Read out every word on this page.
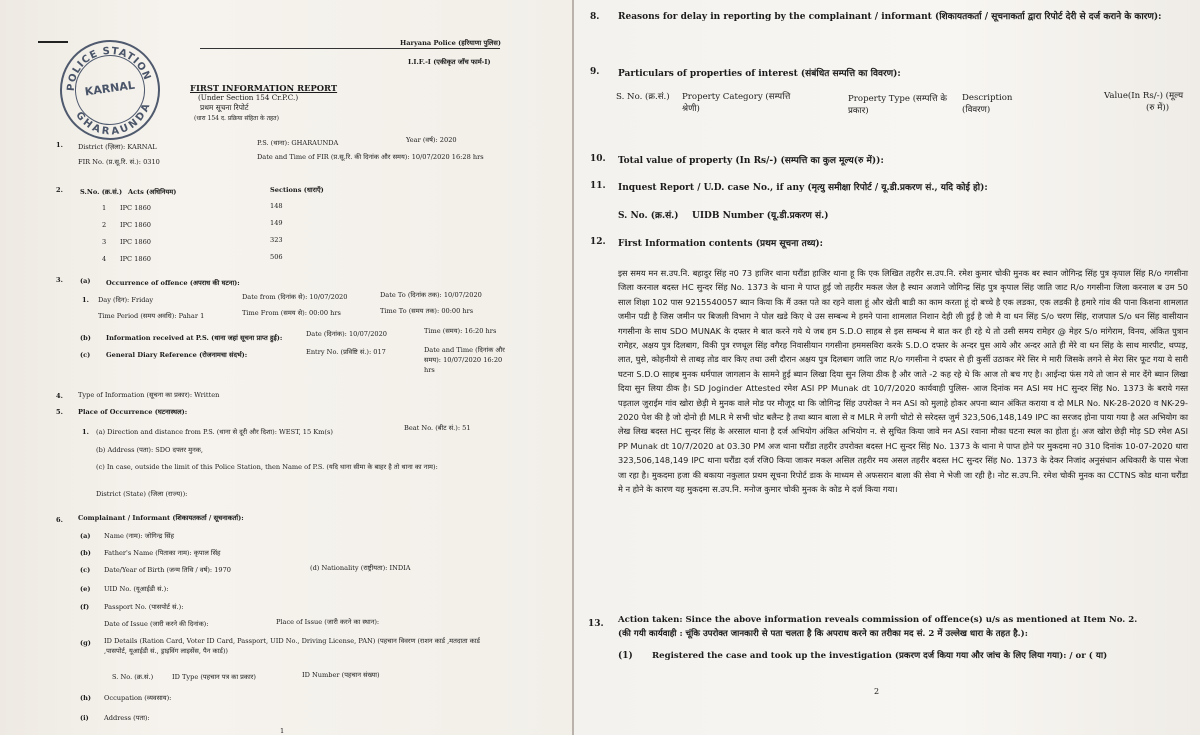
Haryana Police (हरियाणा पुलिस)
I.I.F.-I (एकीकृत जाँच फार्म-I)
POLICE STATION
GHARAUNDA
KARNAL	FIRST INFORMATION REPORT
(Under Section 154 Cr.P.C.)
प्रथम सूचना रिपोर्ट
(धारा 154 द. प्रक्रिया संहिता के तहत)
1. District (ज़िला): KARNAL	P.S. (थाना): GHARAUNDA	Year (वर्ष): 2020
FIR No. (प्र.सू.रि. सं.): 0310
Date and Time of FIR (प्र.सू.रि. की दिनांक और समय): 10/07/2020 16:28 hrs
2.	S.No. (क्र.सं.) Acts (अधिनियम)	Sections (धाराएँ)
1 IPC 1860	148
2 IPC 1860	149
3 IPC 1860	323
4 IPC 1860	506
3.	(a) Occurrence of offence (अपराध की घटना):
1. Day (दिन): Friday	Date from (दिनांक से): 10/07/2020	Date To (दिनांक तक): 10/07/2020
Time Period (समय अवधि): Pahar 1	Time From (समय से): 00:00 hrs	Time To (समय तक): 00:00 hrs
(b) Information received at P.S. (थाना जहां सूचना प्राप्त हुई):	Date (दिनांक): 10/07/2020	Time (समय): 16:20 hrs
(c) General Diary Reference (रोजनामचा संदर्भ):	Entry No. (प्रविष्टि सं.): 017	Date and Time (दिनांक और
समय): 10/07/2020 16:20
hrs
4. Type of Information (सूचना का प्रकार): Written
5. Place of Occurrence (घटनास्थल):
1. (a) Direction and distance from P.S. (थाना से दूरी और दिशा): WEST, 15 Km(s)	Beat No. (बीट सं.): 51
(b) Address (पता): SDO दफ्तर मुनक,
(c) In case, outside the limit of this Police Station, then Name of P.S. (यदि थाना सीमा के बाहर है तो थाना का नाम):
District (State) (जिला (राज्य)):
6. Complainant / Informant (शिकायतकर्ता / सूचनाकर्ता):
(a) Name (नाम): जोगिन्द्र सिंह
(b) Father's Name (पिताका नाम): कृपाल सिंह
(c) Date/Year of Birth (जन्म तिथि / वर्ष): 1970	(d) Nationality (राष्ट्रीयता): INDIA
(e) UID No. (यूआईडी सं.):
(f) Passport No. (पासपोर्ट सं.):
Date of Issue (जारी करने की दिनांक):	Place of Issue (जारी करने का स्थान):
(g) ID Details (Ration Card, Voter ID Card, Passport, UID No., Driving License, PAN) (पहचान विवरण (राशन कार्ड ,मतदाता कार्ड
,पासपोर्ट, यूआईडी सं., ड्राइविंग लाइसेंस, पैन कार्ड))
S. No. (क्र.सं.)	ID Type (पहचान पत्र का प्रकार)	ID Number (पहचान संख्या)
(h) Occupation (व्यवसाय):
(i) Address (पता):
1
8. Reasons for delay in reporting by the complainant / informant (शिकायतकर्ता / सूचनाकर्ता द्वारा रिपोर्ट देरी से दर्ज कराने के कारण):
9. Particulars of properties of interest (संबंधित सम्पत्ति का विवरण):
S. No. (क्र.सं.) Property Category (सम्पत्ति
श्रेणी)
Property Type (सम्पत्ति के
प्रकार)
Description
(विवरण)
Value(In Rs/-) (मूल्य
(रु में))
10. Total value of property (In Rs/-) (सम्पत्ति का कुल मूल्य(रु में)):
11. Inquest Report / U.D. case No., if any (मृत्यु समीक्षा रिपोर्ट / यू.डी.प्रकरण सं., यदि कोई हो):
S. No. (क्र.सं.) UIDB Number (यू.डी.प्रकरण सं.)
12. First Information contents (प्रथम सूचना तथ्य):
इस समय मन स.उप.नि. बहादुर सिंह न0 73 हाजिर थाना घरौंडा हाजिर थाना हू कि एक लिखित तहरीर स.उप.नि. रमेश कुमार चोकी मुनक बर स्थान जोगिन्द्र सिंह पुत्र कृपाल सिंह R/o गगसीना जिला करनाल बदस्त HC सुन्दर सिंह No. 1373 के थाना मे पाप्त हुई जो तहरीर मकल जेल है स्थान अजाने जोगिन्द्र सिंह पुत्र कृपाल सिंह जाति जाट R/o गगसीना जिला करनाल ब उम 50 साल शिक्षा 102 पास 9215540057 ब्यान किया कि मैं उक्त पते का रहने वाला हूं और खेती बाडी का काम करता हूं दो बच्चे है एक लडका, एक लडकी है हमारे गांव की पाना किशना शामलात जमीन पडी है जिस जमीन पर बिजली विभाग ने पोल खडे किए थे उस सम्बन्ध मे हमने पाना शामलात निशान देही ली हुई है जो मै वा धन सिंह S/o चरण सिंह, राजपाल S/o धन सिंह वासीयान गगसीना के साथ SDO MUNAK के दफ्तर मे बात करने गये थे जब हम S.D.O साहब से इस सम्बन्ध मे बात कर ही रहे थे तो उसी समय रामेहर @ मेहर S/o मांगेराम, विनय, अंकित पुत्रान रामेहर, अक्षय पुत्र दिलबाग, विकी पुत्र रणधूल सिंह वगैरह निवासीयान गगसीना हममसविरा करके S.D.O दफ्तर के अन्दर घुस आये और अन्दर आते ही मेरे वा धन सिंह के साथ मारपीट, थप्पड़, लात, घुसे, कोहनीयो से ताबड़ तोड वार किए तथा उसी दौरान अक्षय पुत्र दिलबाग जाति जाट R/o गगसीना ने दफ्तर से ही कुर्सी उठाकर मेरे सिर मे मारी जिसके लगने से मेरा सिर फूट गया ये सारी घटना S.D.O साहब मुनक धर्मपाल जागलान के सामने हुई ब्यान लिखा दिया सुन लिया ठीक है और जाते -2 कह रहे थे कि आज तो बच गए है। आईन्दा फंस गये तो जान से मार देंगे ब्यान लिखा दिया सुन लिया ठीक है। SD Joginder Attested रमेश ASI PP Munak dt 10/7/2020 कार्यवाही पुलिस- आज दिनांक मन ASI मय HC सुन्दर सिंह No. 1373 के बराये गस्त पड़ताल जुराईम गांव खोरा छेड़ी मे मुनक वाले मोड पर मौजूद था कि जोगिन्द्र सिंह उपरोक्त ने मन ASI को मुलाहे होकर अपना ब्यान अंकित कराया व दो MLR No. NK-28-2020 व NK-29-2020 पेश की है जो दोनो ही MLR मे सभी चोट बलैन्ट है तथा ब्यान बाला से व MLR मे लगी चोटो से सरेदस्त जुर्म 323,506,148,149 IPC का सरजद होना पाया गया है अत अभियोग का लेख लिख बदस्त HC सुन्दर सिंह के अरसाल थाना है दर्ज अभियोग अंकित अभियोग न. से सुचित किया जावे मन ASI रवाना मौका घटना स्थल का होता हूं। अज खोरा छेड़ी मोड़ SD रमेश ASI PP Munak dt 10/7/2020 at 03.30 PM अज थाना घरौंडा तहरीर उपरोक्त बदस्त HC सुन्दर सिंह No. 1373 के थाना मे पाप्त होने पर मुकदमा न0 310 दिनांक 10-07-2020 धारा 323,506,148,149 IPC थाना घरौंडा दर्ज रजि0 किया जाकर मकल असिल तहरीर मय असल तहरीर बदस्त HC सुन्दर सिंह No. 1373 के देकर निजांद अनुसंधान अधिकारी के पास भेजा जा रहा है। मुकदमा हजा की बकाया नकुलात प्रथम सूचना रिपोर्ट डाक के माध्यम से अफसरान बाला की सेवा मे भेजी जा रही है। नोट स.उप.नि. रमेश चोकी मुनक का CCTNS कोड थाना घरौंडा मे न होने के कारण यह मुकदमा स.उप.नि. मनोज कुमार चोकी मुनक के कोड मे दर्ज किया गया।
13. Action taken: Since the above information reveals commission of offence(s) u/s as mentioned at Item No. 2.
(की गयी कार्यवाही : चूंकि उपरोक्त जानकारी से पता चलता है कि अपराध करने का तरीका मद सं. 2 में उल्लेख धारा के तहत है.):
(1) Registered the case and took up the investigation (प्रकरण दर्ज किया गया और जांच के लिए लिया गया): / or ( या)
2
